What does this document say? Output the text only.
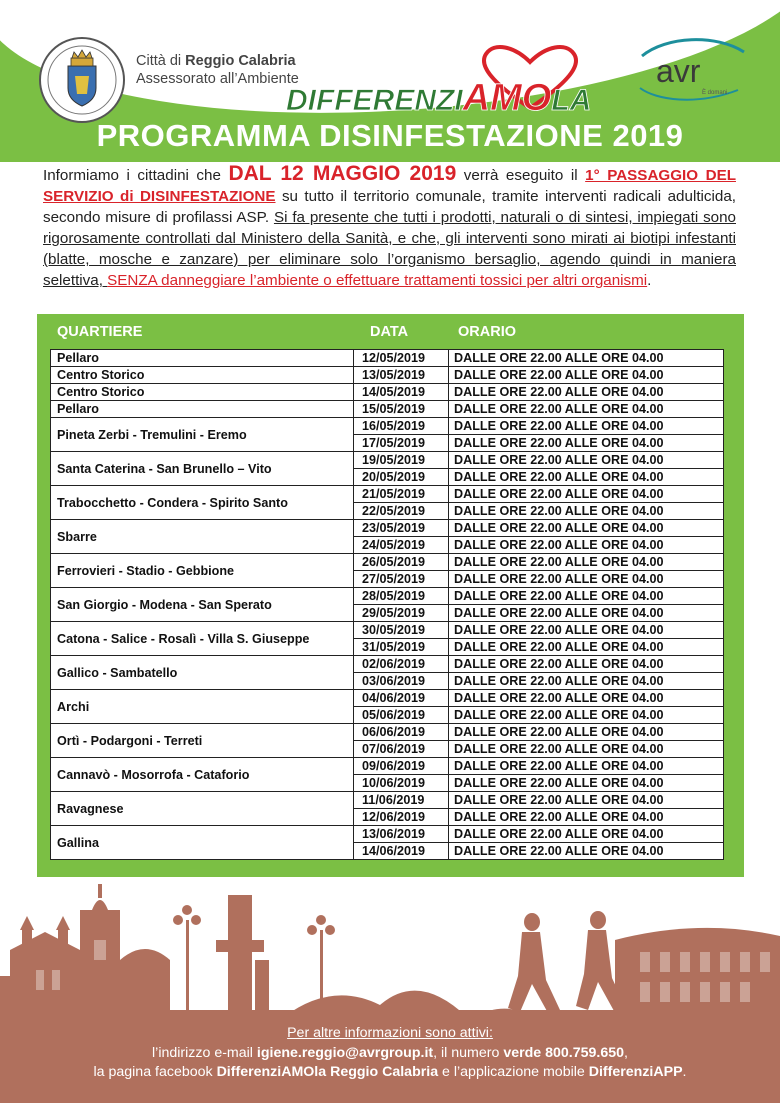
Città di Reggio Calabria
Assessorato all’Ambiente
DIFFERENZIAMOLA
avr
È domani.
PROGRAMMA DISINFESTAZIONE 2019
Informiamo i cittadini che DAL 12 MAGGIO 2019 verrà eseguito il 1° PASSAGGIO DEL SERVIZIO di DISINFESTAZIONE su tutto il territorio comunale, tramite interventi radicali adulticida, secondo misure di profilassi ASP. Si fa presente che tutti i prodotti, naturali o di sintesi, impiegati sono rigorosamente controllati dal Ministero della Sanità, e che, gli interventi sono mirati ai biotipi infestanti (blatte, mosche e zanzare) per eliminare solo l’organismo bersaglio, agendo quindi in maniera selettiva, SENZA danneggiare l’ambiente o effettuare trattamenti tossici per altri organismi.
QUARTIERE	DATA	ORARIO
Pellaro	12/05/2019	DALLE ORE 22.00 ALLE ORE 04.00
Centro Storico	13/05/2019	DALLE ORE 22.00 ALLE ORE 04.00
Centro Storico	14/05/2019	DALLE ORE 22.00 ALLE ORE 04.00
Pellaro	15/05/2019	DALLE ORE 22.00 ALLE ORE 04.00
Pineta Zerbi - Tremulini - Eremo	16/05/2019	DALLE ORE 22.00 ALLE ORE 04.00
	17/05/2019	DALLE ORE 22.00 ALLE ORE 04.00
Santa Caterina - San Brunello – Vito	19/05/2019	DALLE ORE 22.00 ALLE ORE 04.00
	20/05/2019	DALLE ORE 22.00 ALLE ORE 04.00
Trabocchetto - Condera - Spirito Santo	21/05/2019	DALLE ORE 22.00 ALLE ORE 04.00
	22/05/2019	DALLE ORE 22.00 ALLE ORE 04.00
Sbarre	23/05/2019	DALLE ORE 22.00 ALLE ORE 04.00
	24/05/2019	DALLE ORE 22.00 ALLE ORE 04.00
Ferrovieri - Stadio - Gebbione	26/05/2019	DALLE ORE 22.00 ALLE ORE 04.00
	27/05/2019	DALLE ORE 22.00 ALLE ORE 04.00
San Giorgio - Modena - San Sperato	28/05/2019	DALLE ORE 22.00 ALLE ORE 04.00
	29/05/2019	DALLE ORE 22.00 ALLE ORE 04.00
Catona - Salice - Rosalì - Villa S. Giuseppe	30/05/2019	DALLE ORE 22.00 ALLE ORE 04.00
	31/05/2019	DALLE ORE 22.00 ALLE ORE 04.00
Gallico - Sambatello	02/06/2019	DALLE ORE 22.00 ALLE ORE 04.00
	03/06/2019	DALLE ORE 22.00 ALLE ORE 04.00
Archi	04/06/2019	DALLE ORE 22.00 ALLE ORE 04.00
	05/06/2019	DALLE ORE 22.00 ALLE ORE 04.00
Ortì - Podargoni - Terreti	06/06/2019	DALLE ORE 22.00 ALLE ORE 04.00
	07/06/2019	DALLE ORE 22.00 ALLE ORE 04.00
Cannavò - Mosorrofa - Cataforio	09/06/2019	DALLE ORE 22.00 ALLE ORE 04.00
	10/06/2019	DALLE ORE 22.00 ALLE ORE 04.00
Ravagnese	11/06/2019	DALLE ORE 22.00 ALLE ORE 04.00
	12/06/2019	DALLE ORE 22.00 ALLE ORE 04.00
Gallina	13/06/2019	DALLE ORE 22.00 ALLE ORE 04.00
	14/06/2019	DALLE ORE 22.00 ALLE ORE 04.00
Per altre informazioni sono attivi:
l’indirizzo e-mail igiene.reggio@avrgroup.it, il numero verde 800.759.650,
la pagina facebook DifferenziAMOla Reggio Calabria e l’applicazione mobile DifferenziAPP.
